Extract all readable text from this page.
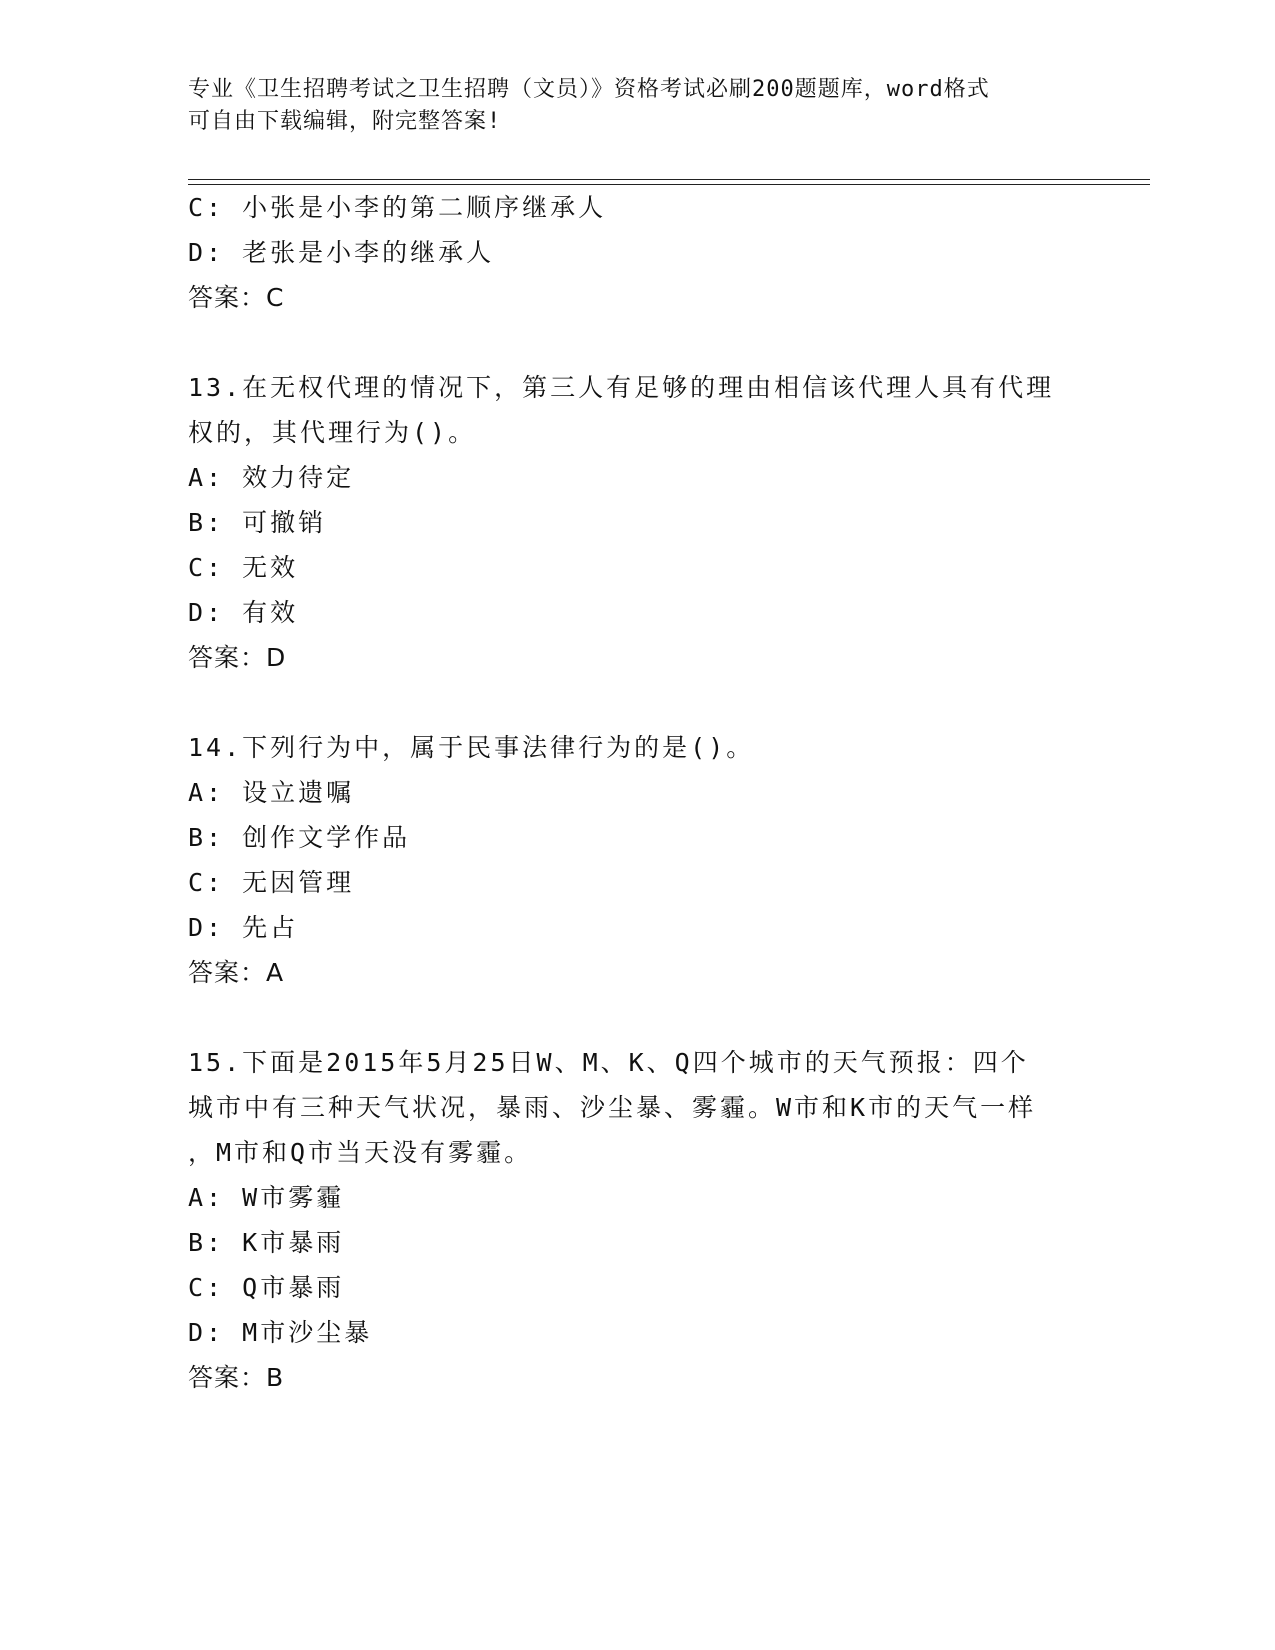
专业《卫生招聘考试之卫生招聘（文员）》资格考试必刷200题题库，word格式
可自由下载编辑，附完整答案!
C: 小张是小李的第二顺序继承人
D: 老张是小李的继承人
答案：C
13.在无权代理的情况下，第三人有足够的理由相信该代理人具有代理
权的，其代理行为()。
A: 效力待定
B: 可撤销
C: 无效
D: 有效
答案：D
14.下列行为中，属于民事法律行为的是()。
A: 设立遗嘱
B: 创作文学作品
C: 无因管理
D: 先占
答案：A
15.下面是2015年5月25日W、M、K、Q四个城市的天气预报：四个
城市中有三种天气状况，暴雨、沙尘暴、雾霾。W市和K市的天气一样
，M市和Q市当天没有雾霾。
A: W市雾霾
B: K市暴雨
C: Q市暴雨
D: M市沙尘暴
答案：B
